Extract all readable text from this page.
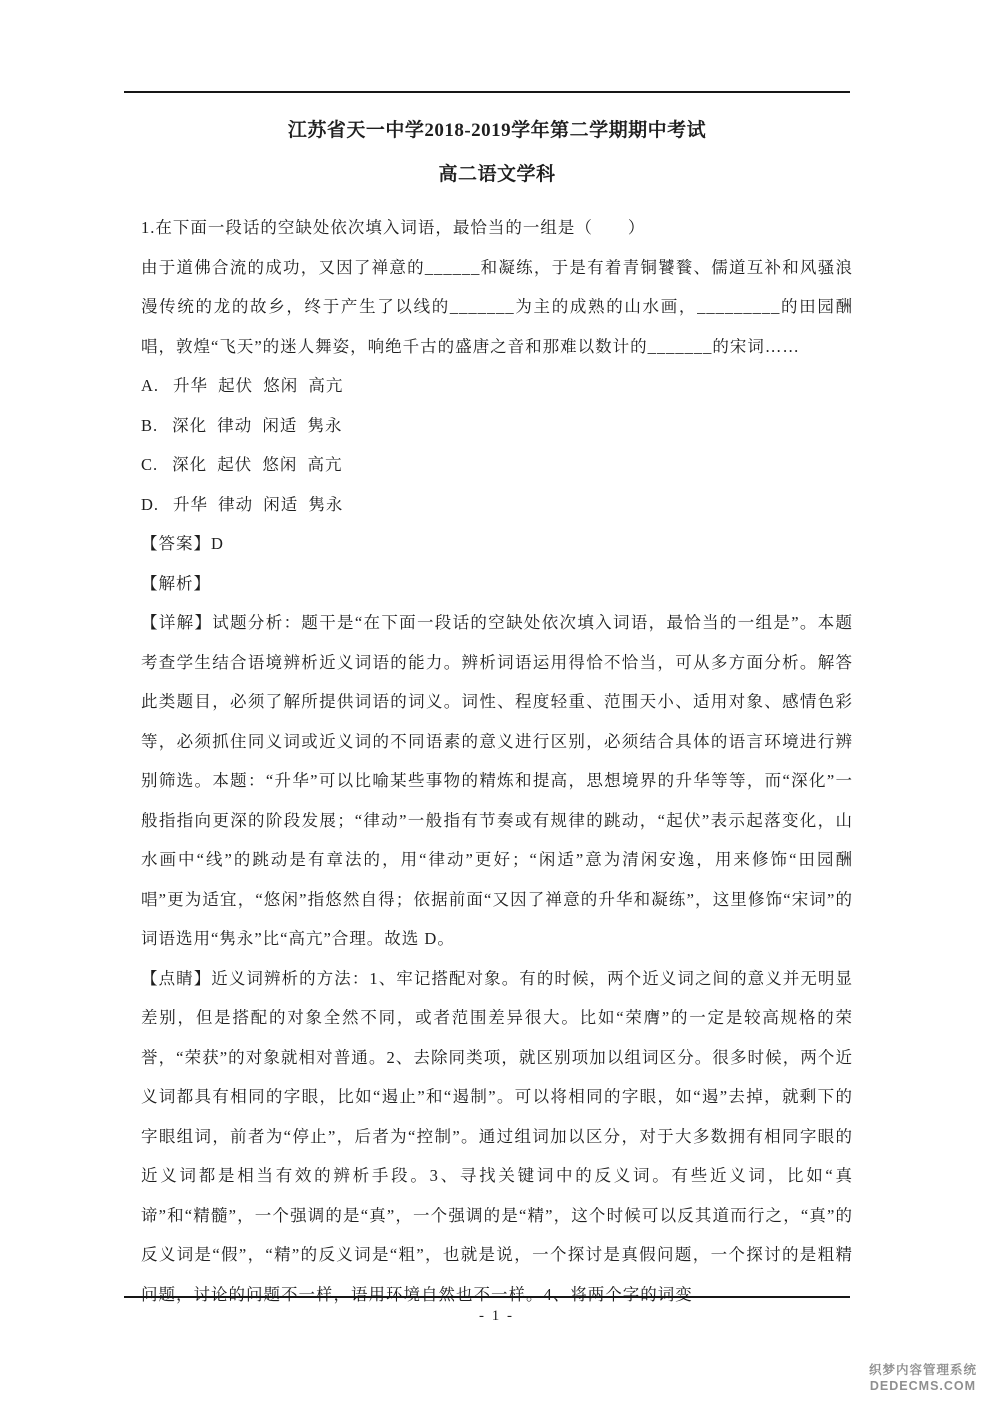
江苏省天一中学2018-2019学年第二学期期中考试
高二语文学科

1.在下面一段话的空缺处依次填入词语，最恰当的一组是（　　）

由于道佛合流的成功，又因了禅意的______和凝练，于是有着青铜饕餮、儒道互补和风骚浪漫传统的龙的故乡，终于产生了以线的_______为主的成熟的山水画，_________的田园酬唱，敦煌“飞天”的迷人舞姿，响绝千古的盛唐之音和那难以数计的_______的宋词……

A. 升华 起伏 悠闲 高亢

B. 深化 律动 闲适 隽永

C. 深化 起伏 悠闲 高亢

D. 升华 律动 闲适 隽永

【答案】D

【解析】

【详解】试题分析：题干是“在下面一段话的空缺处依次填入词语，最恰当的一组是”。本题考查学生结合语境辨析近义词语的能力。辨析词语运用得恰不恰当，可从多方面分析。解答此类题目，必须了解所提供词语的词义。词性、程度轻重、范围天小、适用对象、感情色彩等，必须抓住同义词或近义词的不同语素的意义进行区别，必须结合具体的语言环境进行辨别筛选。本题：“升华”可以比喻某些事物的精炼和提高，思想境界的升华等等，而“深化”一般指指向更深的阶段发展；“律动”一般指有节奏或有规律的跳动，“起伏”表示起落变化，山水画中“线”的跳动是有章法的，用“律动”更好；“闲适”意为清闲安逸，用来修饰“田园酬唱”更为适宜，“悠闲”指悠然自得；依据前面“又因了禅意的升华和凝练”，这里修饰“宋词”的词语选用“隽永”比“高亢”合理。故选 D。

【点睛】近义词辨析的方法：1、牢记搭配对象。有的时候，两个近义词之间的意义并无明显差别，但是搭配的对象全然不同，或者范围差异很大。比如“荣膺”的一定是较高规格的荣誉，“荣获”的对象就相对普通。2、去除同类项，就区别项加以组词区分。很多时候，两个近义词都具有相同的字眼，比如“遏止”和“遏制”。可以将相同的字眼，如“遏”去掉，就剩下的字眼组词，前者为“停止”，后者为“控制”。通过组词加以区分，对于大多数拥有相同字眼的近义词都是相当有效的辨析手段。3、寻找关键词中的反义词。有些近义词，比如“真谛”和“精髓”，一个强调的是“真”，一个强调的是“精”，这个时候可以反其道而行之，“真”的反义词是“假”，“精”的反义词是“粗”，也就是说，一个探讨是真假问题，一个探讨的是粗精问题，讨论的问题不一样，语用环境自然也不一样。4、将两个字的词变

- 1 -
织梦内容管理系统
DEDECMS.COM
